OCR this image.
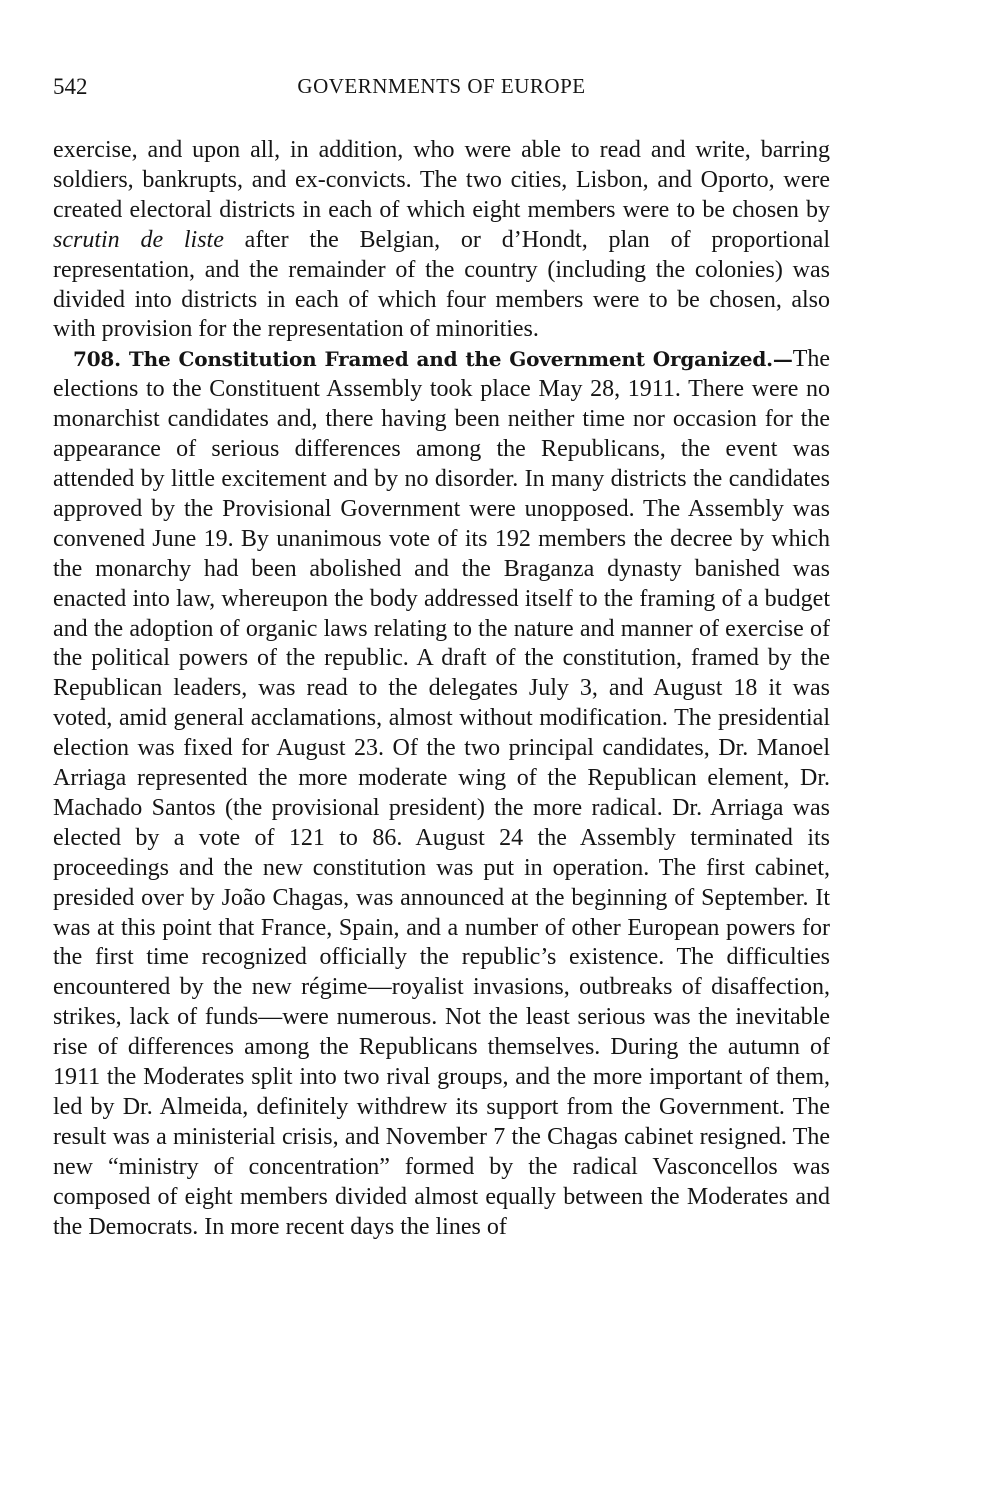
542	GOVERNMENTS OF EUROPE

exercise, and upon all, in addition, who were able to read and write, barring soldiers, bankrupts, and ex-convicts. The two cities, Lisbon, and Oporto, were created electoral districts in each of which eight members were to be chosen by scrutin de liste after the Belgian, or d’Hondt, plan of proportional representation, and the remainder of the country (including the colonies) was divided into districts in each of which four members were to be chosen, also with provision for the representation of minorities.

708. The Constitution Framed and the Government Organized.—The elections to the Constituent Assembly took place May 28, 1911. There were no monarchist candidates and, there having been neither time nor occasion for the appearance of serious differences among the Republicans, the event was attended by little excitement and by no disorder. In many districts the candidates approved by the Provisional Government were unopposed. The Assembly was convened June 19. By unanimous vote of its 192 members the decree by which the monarchy had been abolished and the Braganza dynasty banished was enacted into law, whereupon the body addressed itself to the framing of a budget and the adoption of organic laws relating to the nature and manner of exercise of the political powers of the republic. A draft of the constitution, framed by the Republican leaders, was read to the delegates July 3, and August 18 it was voted, amid general acclamations, almost without modification. The presidential election was fixed for August 23. Of the two principal candidates, Dr. Manoel Arriaga represented the more moderate wing of the Republican element, Dr. Machado Santos (the provisional president) the more radical. Dr. Arriaga was elected by a vote of 121 to 86. August 24 the Assembly terminated its proceedings and the new constitution was put in operation. The first cabinet, presided over by João Chagas, was announced at the beginning of September. It was at this point that France, Spain, and a number of other European powers for the first time recognized officially the republic’s existence. The difficulties encountered by the new régime—royalist invasions, outbreaks of disaffection, strikes, lack of funds—were numerous. Not the least serious was the inevitable rise of differences among the Republicans themselves. During the autumn of 1911 the Moderates split into two rival groups, and the more important of them, led by Dr. Almeida, definitely withdrew its support from the Government. The result was a ministerial crisis, and November 7 the Chagas cabinet resigned. The new “ministry of concentration” formed by the radical Vasconcellos was composed of eight members divided almost equally between the Moderates and the Democrats. In more recent days the lines of
